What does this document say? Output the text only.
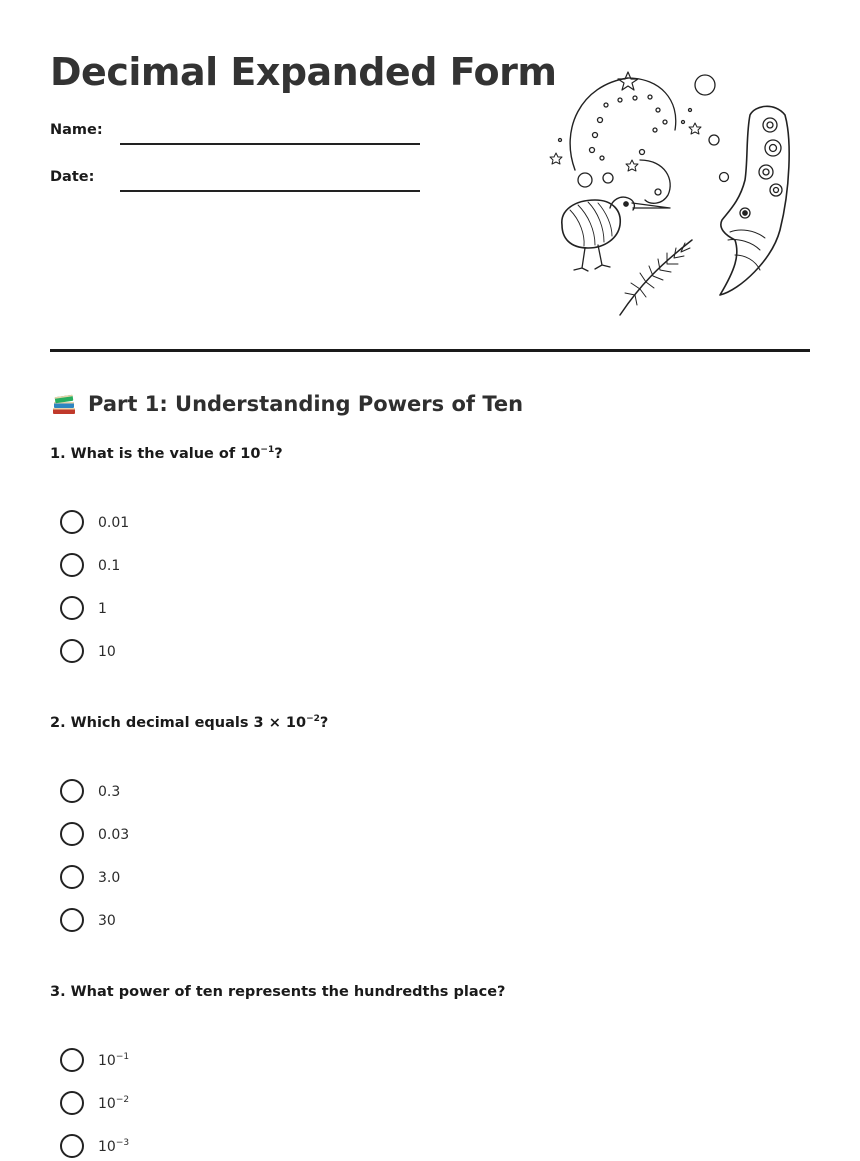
Decimal Expanded Form
Name:
Date:
Part 1: Understanding Powers of Ten
1. What is the value of $10^{-1}$?
0.01
0.1
1
10
2. Which decimal equals $3 \times 10^{-2}$?
0.3
0.03
3.0
30
3. What power of ten represents the hundredths place?
$10^{-1}$
$10^{-2}$
$10^{-3}$
